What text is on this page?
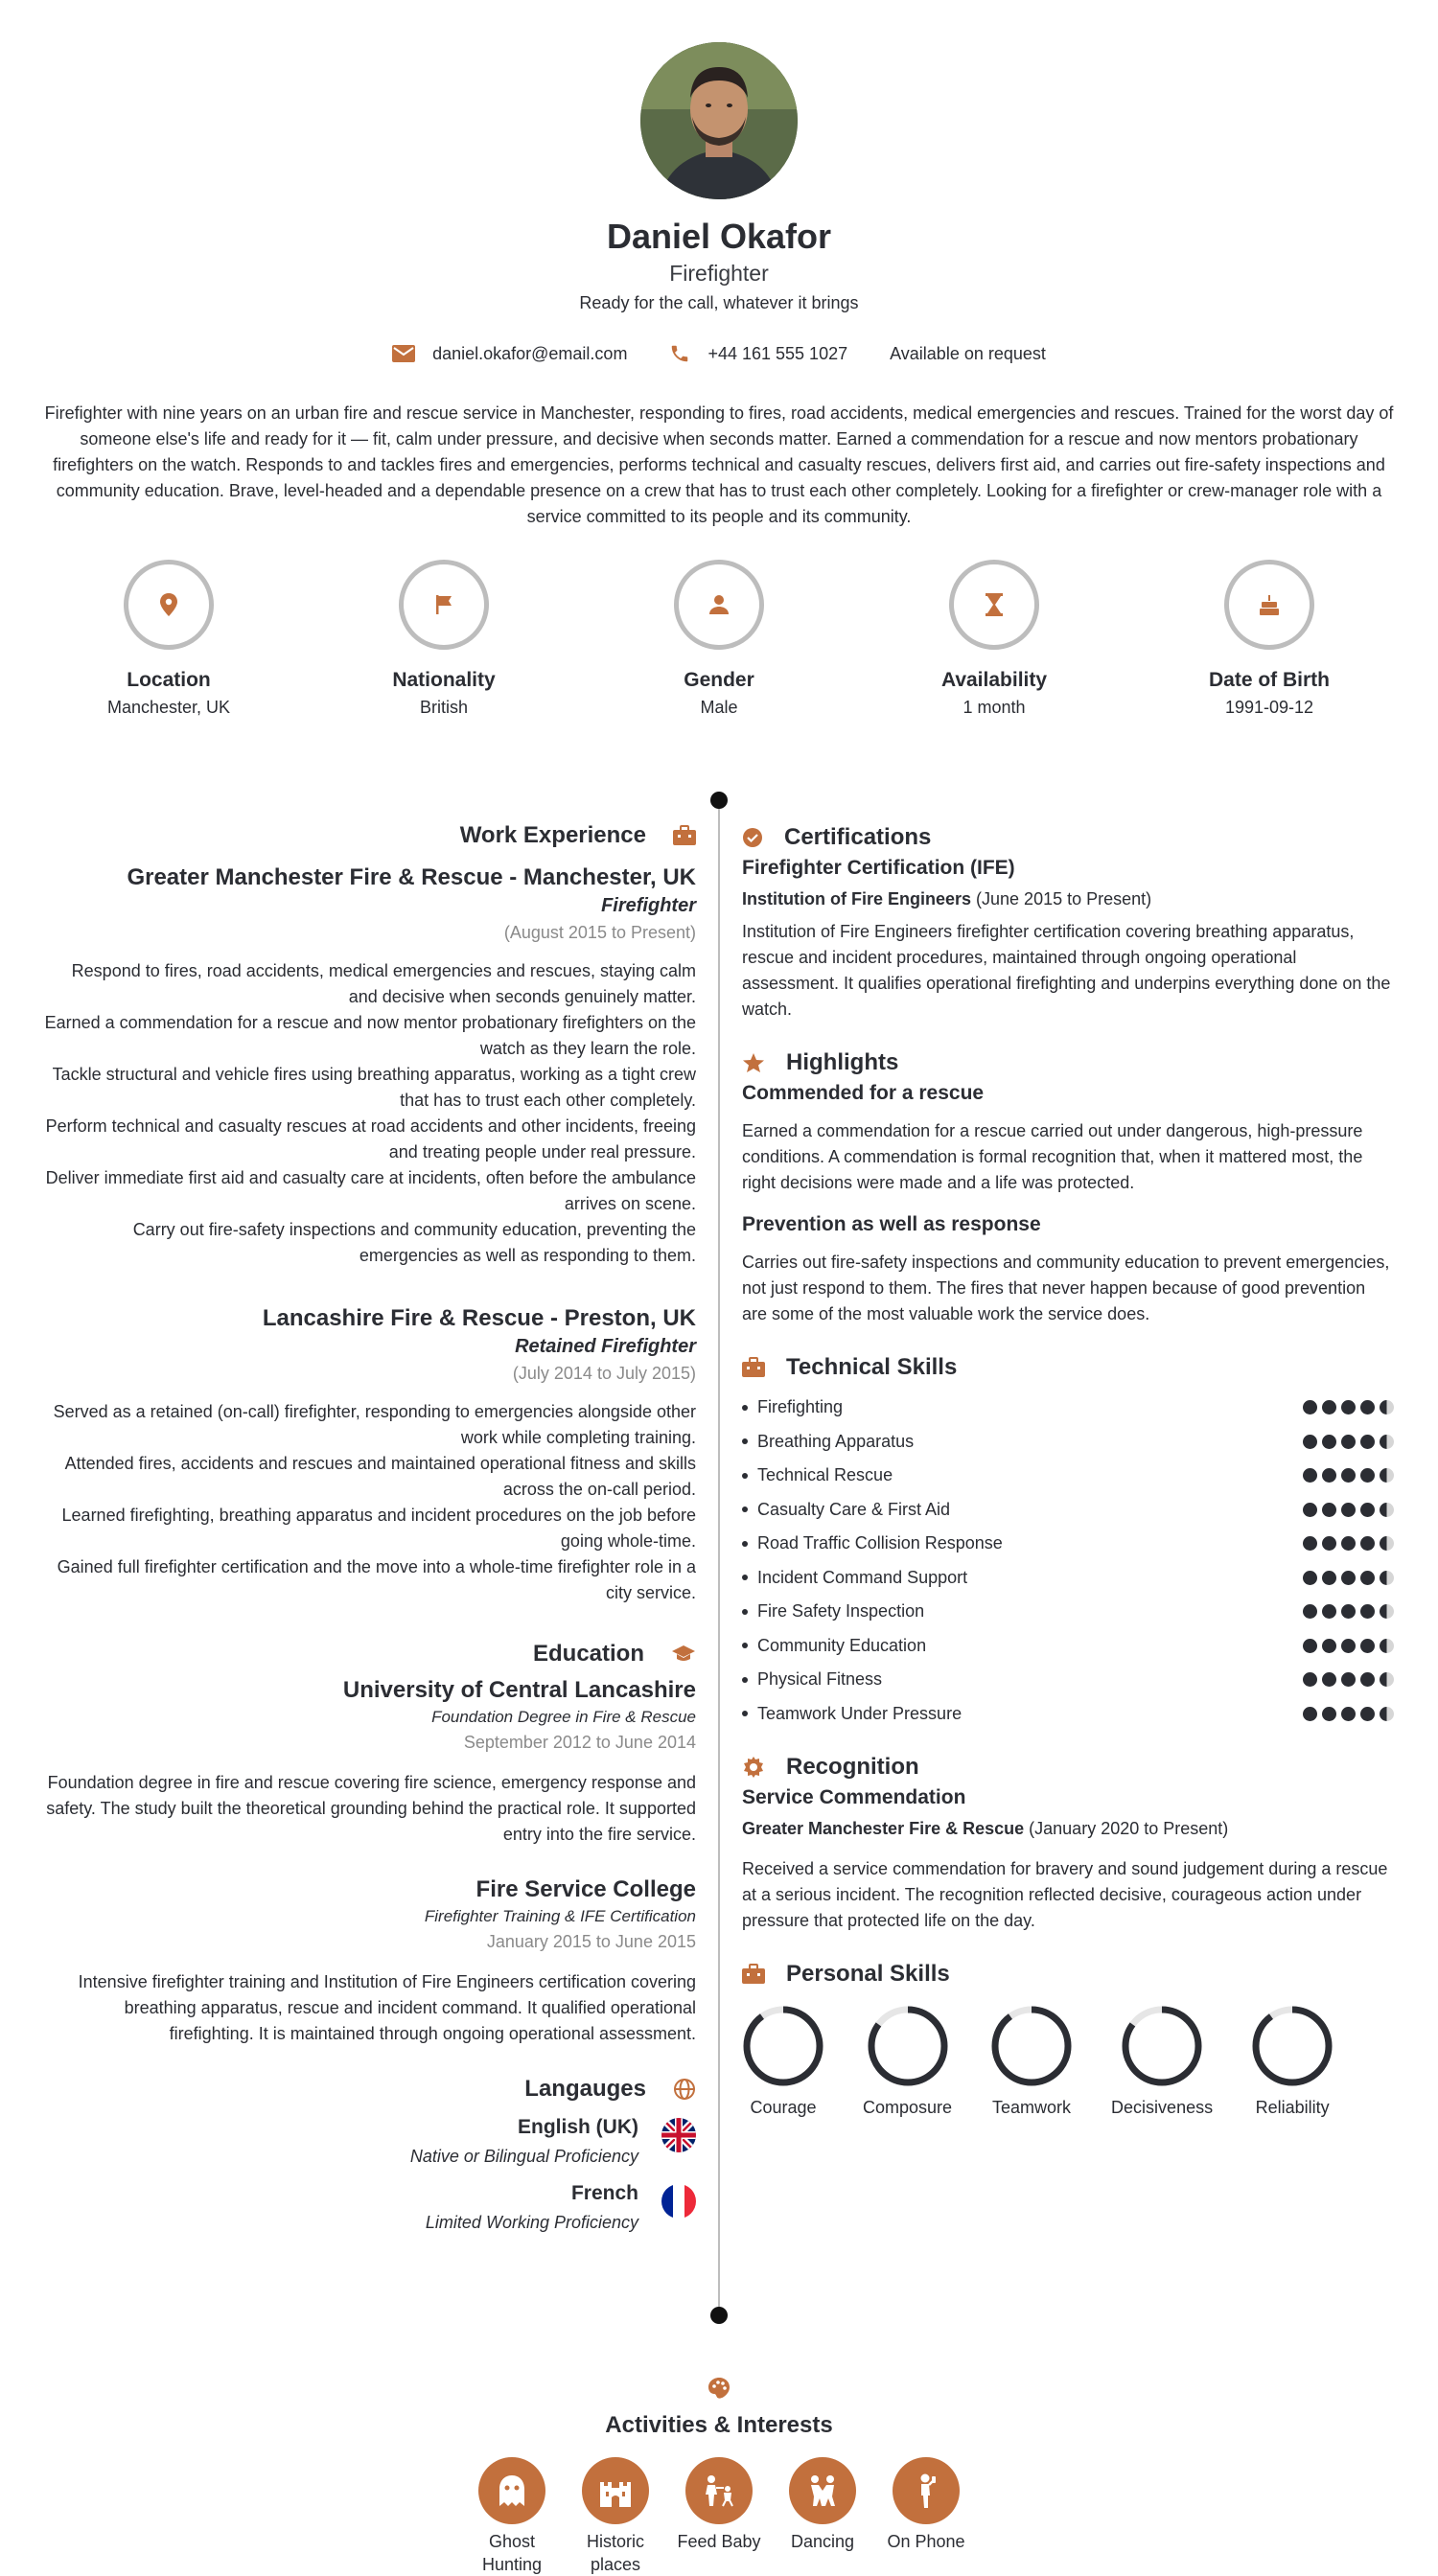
Daniel Okafor
Firefighter
Ready for the call, whatever it brings
daniel.okafor@email.com	+44 161 555 1027 Available on request
Firefighter with nine years on an urban fire and rescue service in Manchester, responding to fires, road accidents, medical emergencies and rescues. Trained for the worst day of someone else's life and ready for it — fit, calm under pressure, and decisive when seconds matter. Earned a commendation for a rescue and now mentors probationary firefighters on the watch. Responds to and tackles fires and emergencies, performs technical and casualty rescues, delivers first aid, and carries out fire-safety inspections and community education. Brave, level-headed and a dependable presence on a crew that has to trust each other completely. Looking for a firefighter or crew-manager role with a service committed to its people and its community.
Location
Manchester, UK
Nationality
British
Gender
Male
Availability
1 month
Date of Birth
1991-09-12
Work Experience
Greater Manchester Fire & Rescue - Manchester, UK
Firefighter
(August 2015 to Present)
Respond to fires, road accidents, medical emergencies and rescues, staying calm and decisive when seconds genuinely matter.
Earned a commendation for a rescue and now mentor probationary firefighters on the watch as they learn the role.
Tackle structural and vehicle fires using breathing apparatus, working as a tight crew that has to trust each other completely.
Perform technical and casualty rescues at road accidents and other incidents, freeing and treating people under real pressure.
Deliver immediate first aid and casualty care at incidents, often before the ambulance arrives on scene.
Carry out fire-safety inspections and community education, preventing the emergencies as well as responding to them.
Lancashire Fire & Rescue - Preston, UK
Retained Firefighter
(July 2014 to July 2015)
Served as a retained (on-call) firefighter, responding to emergencies alongside other work while completing training.
Attended fires, accidents and rescues and maintained operational fitness and skills across the on-call period.
Learned firefighting, breathing apparatus and incident procedures on the job before going whole-time.
Gained full firefighter certification and the move into a whole-time firefighter role in a city service.
Education
University of Central Lancashire
Foundation Degree in Fire & Rescue
September 2012 to June 2014
Foundation degree in fire and rescue covering fire science, emergency response and safety. The study built the theoretical grounding behind the practical role. It supported entry into the fire service.
Fire Service College
Firefighter Training & IFE Certification
January 2015 to June 2015
Intensive firefighter training and Institution of Fire Engineers certification covering breathing apparatus, rescue and incident command. It qualified operational firefighting. It is maintained through ongoing operational assessment.
Langauges
English (UK)
Native or Bilingual Proficiency
French
Limited Working Proficiency
Certifications
Firefighter Certification (IFE)
Institution of Fire Engineers (June 2015 to Present)
Institution of Fire Engineers firefighter certification covering breathing apparatus, rescue and incident procedures, maintained through ongoing operational assessment. It qualifies operational firefighting and underpins everything done on the watch.
Highlights
Commended for a rescue
Earned a commendation for a rescue carried out under dangerous, high-pressure conditions. A commendation is formal recognition that, when it mattered most, the right decisions were made and a life was protected.
Prevention as well as response
Carries out fire-safety inspections and community education to prevent emergencies, not just respond to them. The fires that never happen because of good prevention are some of the most valuable work the service does.
Technical Skills
Firefighting
Breathing Apparatus
Technical Rescue
Casualty Care & First Aid
Road Traffic Collision Response
Incident Command Support
Fire Safety Inspection
Community Education
Physical Fitness
Teamwork Under Pressure
Recognition
Service Commendation
Greater Manchester Fire & Rescue (January 2020 to Present)
Received a service commendation for bravery and sound judgement during a rescue at a serious incident. The recognition reflected decisive, courageous action under pressure that protected life on the day.
Personal Skills
Courage	Composure Teamwork Decisiveness Reliability
Activities & Interests
Ghost Hunting
Historic places
Feed Baby	Dancing	On Phone
